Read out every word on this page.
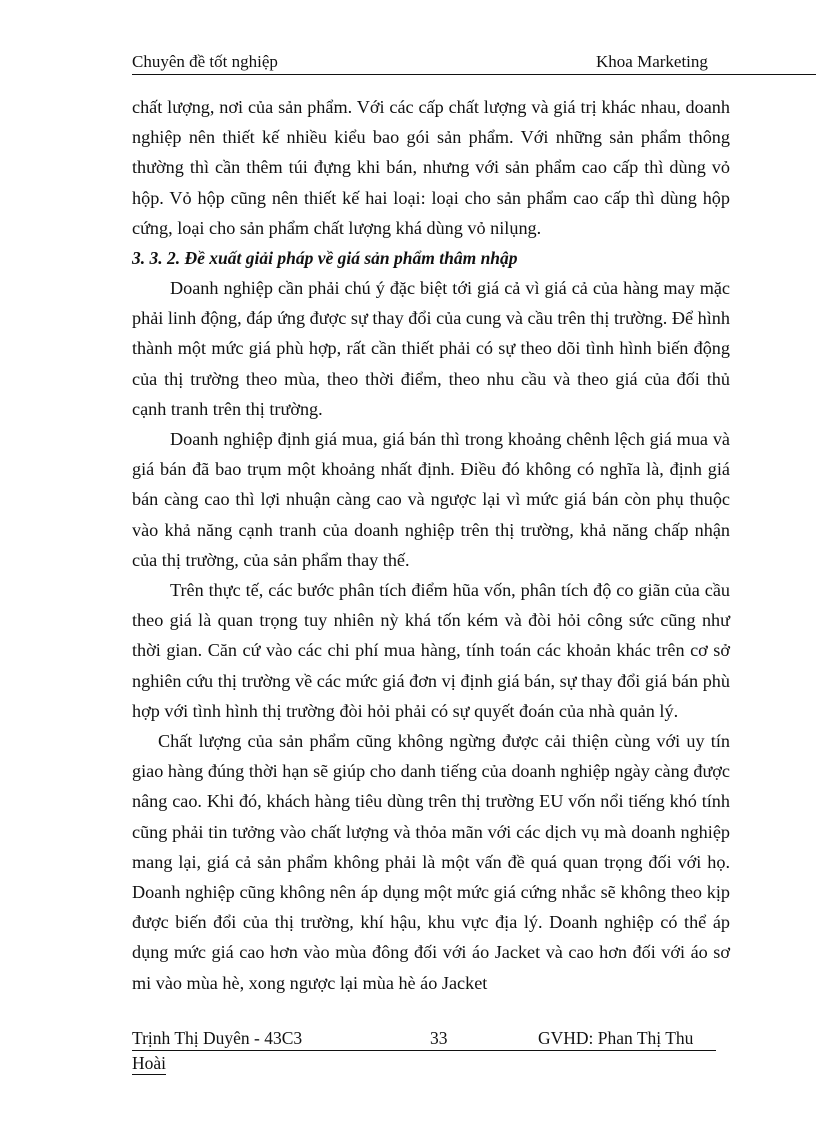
Chuyên đề tốt nghiệp	Khoa Marketing

chất lượng, nơi của sản phẩm. Với các cấp chất lượng và giá trị khác nhau, doanh nghiệp nên thiết kế nhiều kiểu bao gói sản phẩm. Với những sản phẩm thông thường thì cần thêm túi đựng khi bán, nhưng với sản phẩm cao cấp thì dùng vỏ hộp. Vỏ hộp cũng nên thiết kế hai loại: loại cho sản phẩm cao cấp thì dùng hộp cứng, loại cho sản phẩm chất lượng khá dùng vỏ nilụng.

3. 3. 2. Đề xuất giải pháp về giá sản phẩm thâm nhập

Doanh nghiệp cần phải chú ý đặc biệt tới giá cả vì giá cả của hàng may mặc phải linh động, đáp ứng được sự thay đổi của cung và cầu trên thị trường. Để hình thành một mức giá phù hợp, rất cần thiết phải có sự theo dõi tình hình biến động của thị trường theo mùa, theo thời điểm, theo nhu cầu và theo giá của đối thủ cạnh tranh trên thị trường.

Doanh nghiệp định giá mua, giá bán thì trong khoảng chênh lệch giá mua và giá bán đã bao trụm một khoảng nhất định. Điều đó không có nghĩa là, định giá bán càng cao thì lợi nhuận càng cao và ngược lại vì mức giá bán còn phụ thuộc vào khả năng cạnh tranh của doanh nghiệp trên thị trường, khả năng chấp nhận của thị trường, của sản phẩm thay thế.

Trên thực tế, các bước phân tích điểm hũa vốn, phân tích độ co giãn của cầu theo giá là quan trọng tuy nhiên nỳ khá tốn kém và đòi hỏi công sức cũng như thời gian. Căn cứ vào các chi phí mua hàng, tính toán các khoản khác trên cơ sở nghiên cứu thị trường về các mức giá đơn vị định giá bán, sự thay đổi giá bán phù hợp với tình hình thị trường đòi hỏi phải có sự quyết đoán của nhà quản lý.

Chất lượng của sản phẩm cũng không ngừng được cải thiện cùng với uy tín giao hàng đúng thời hạn sẽ giúp cho danh tiếng của doanh nghiệp ngày càng được nâng cao. Khi đó, khách hàng tiêu dùng trên thị trường EU vốn nổi tiếng khó tính cũng phải tin tưởng vào chất lượng và thỏa mãn với các dịch vụ mà doanh nghiệp mang lại, giá cả sản phẩm không phải là một vấn đề quá quan trọng đối với họ. Doanh nghiệp cũng không nên áp dụng một mức giá cứng nhắc sẽ không theo kịp được biến đổi của thị trường, khí hậu, khu vực địa lý. Doanh nghiệp có thể áp dụng mức giá cao hơn vào mùa đông đối với áo Jacket và cao hơn đối với áo sơ mi vào mùa hè, xong ngược lại mùa hè áo Jacket

Trịnh Thị Duyên - 43C3	33	GVHD: Phan Thị Thu
Hoài
